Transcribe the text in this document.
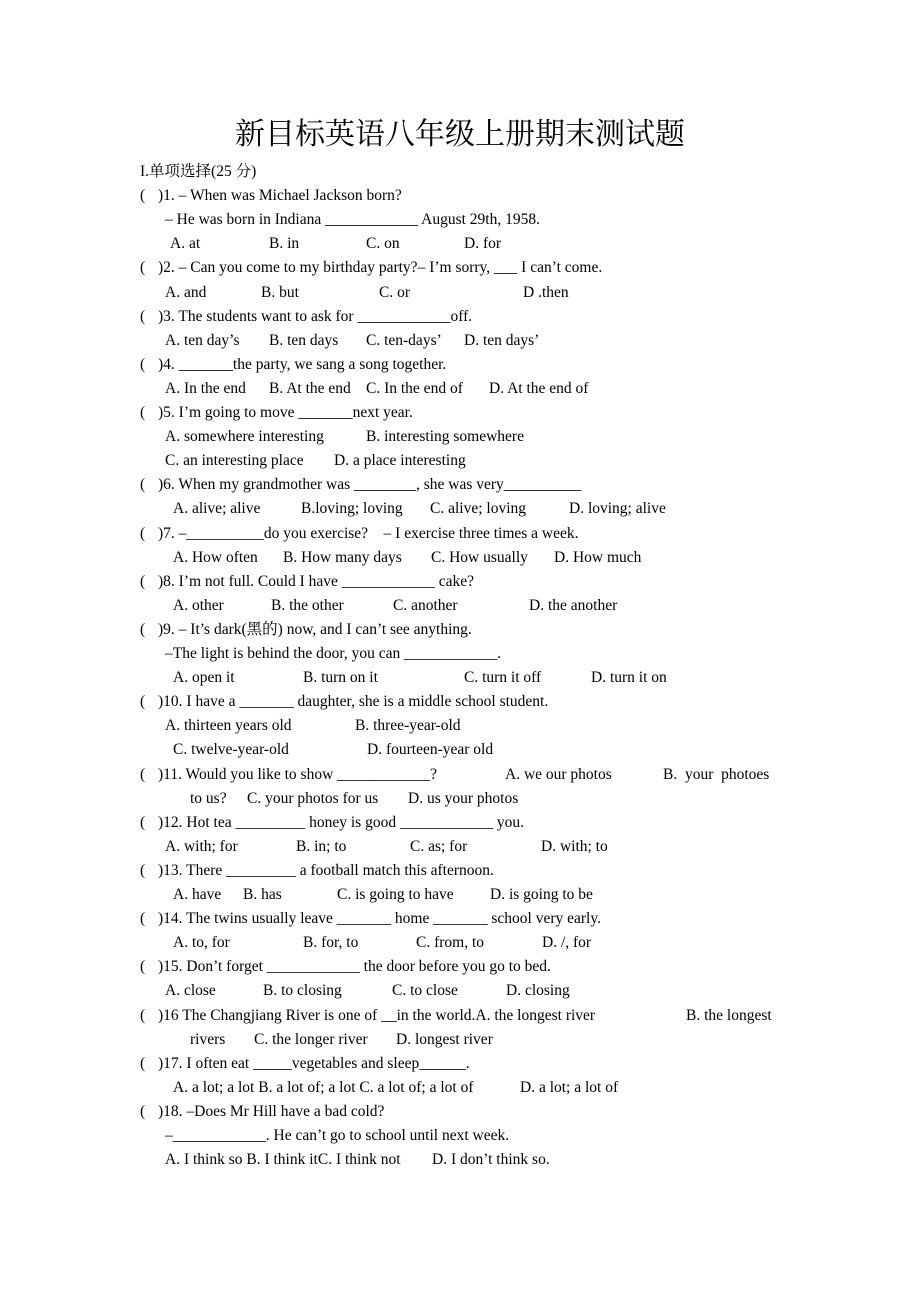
新目标英语八年级上册期末测试题
I.单项选择(25 分)
( )1. – When was Michael Jackson born?
– He was born in Indiana ____________ August 29th, 1958.
A. at	B. in	C. on	D. for
( )2. – Can you come to my birthday party?– I’m sorry, ___ I can’t come.
A. and	B. but	C. or	D .then
( )3. The students want to ask for ____________off.
A. ten day’s B. ten days C. ten-days’ D. ten days’
( )4. _______the party, we sang a song together.
A. In the end B. At the end C. In the end of D. At the end of
( )5. I’m going to move _______next year.
A. somewhere interesting	B. interesting somewhere
C. an interesting place D. a place interesting
( )6. When my grandmother was ________, she was very__________
A. alive; alive	B.loving; loving C. alive; loving	D. loving; alive
( )7. –__________do you exercise?    – I exercise three times a week.
A. How often B. How many days C. How usually D. How much
( )8. I’m not full. Could I have ____________ cake?
A. other	B. the other	C. another	D. the another
( )9. – It’s dark(黑的) now, and I can’t see anything.
–The light is behind the door, you can ____________.
A. open it	B. turn on it	C. turn it off	D. turn it on
( )10. I have a _______ daughter, she is a middle school student.
A. thirteen years old	B. three-year-old
C. twelve-year-old	D. fourteen-year old
( )11. Would you like to show ____________?	A. we our photos	B.  your  photoes
to us? C. your photos for us D. us your photos
( )12. Hot tea _________ honey is good ____________ you.
A. with; for	B. in; to	C. as; for	D. with; to
( )13. There _________ a football match this afternoon.
A. have B. has	C. is going to have D. is going to be
( )14. The twins usually leave _______ home _______ school very early.
A. to, for	B. for, to	C. from, to	D. /, for
( )15. Don’t forget ____________ the door before you go to bed.
A. close	B. to closing	C. to close	D. closing
( )16 The Changjiang River is one of __in the world.A. the longest river	B. the longest
rivers C. the longer river D. longest river
( )17. I often eat _____vegetables and sleep______.
A. a lot; a lot B. a lot of; a lot C. a lot of; a lot of	D. a lot; a lot of
( )18. –Does Mr Hill have a bad cold?
–____________. He can’t go to school until next week.
A. I think so B. I think itC. I think not D. I don’t think so.
